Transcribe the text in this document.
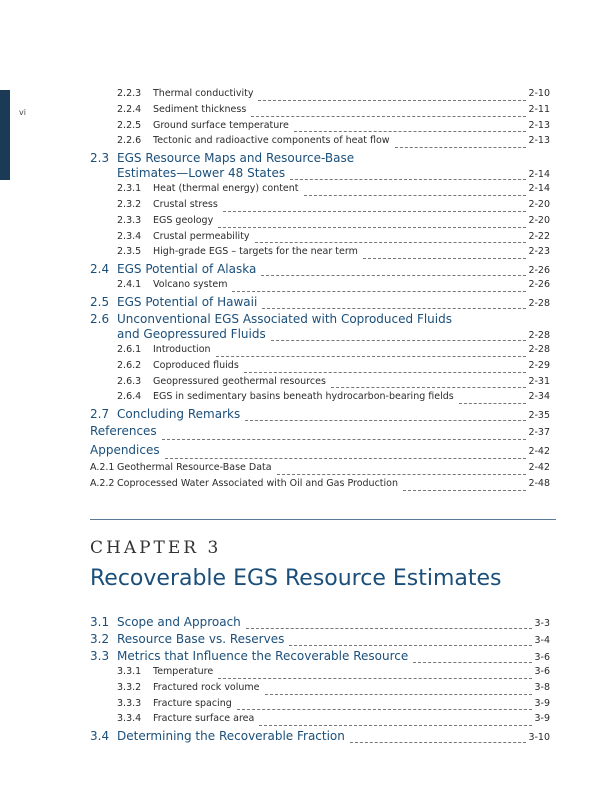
vi
2.2.3	Thermal conductivity	2-10
2.2.4	Sediment thickness	2-11
2.2.5	Ground surface temperature	2-13
2.2.6	Tectonic and radioactive components of heat flow	2-13
2.3 EGS Resource Maps and Resource-Base
Estimates—Lower 48 States	2-14
2.3.1	Heat (thermal energy) content	2-14
2.3.2	Crustal stress	2-20
2.3.3	EGS geology	2-20
2.3.4	Crustal permeability	2-22
2.3.5	High-grade EGS – targets for the near term	2-23
2.4 EGS Potential of Alaska	2-26
2.4.1	Volcano system	2-26
2.5 EGS Potential of Hawaii	2-28
2.6 Unconventional EGS Associated with Coproduced Fluids
and Geopressured Fluids	2-28
2.6.1	Introduction	2-28
2.6.2	Coproduced fluids	2-29
2.6.3	Geopressured geothermal resources	2-31
2.6.4	EGS in sedimentary basins beneath hydrocarbon-bearing fields	2-34
2.7 Concluding Remarks	2-35
References	2-37
Appendices	2-42
A.2.1 Geothermal Resource-Base Data	2-42
A.2.2 Coprocessed Water Associated with Oil and Gas Production	2-48
CHAPTER 3
Recoverable EGS Resource Estimates
3.1 Scope and Approach	3-3
3.2 Resource Base vs. Reserves	3-4
3.3 Metrics that Influence the Recoverable Resource	3-6
3.3.1	Temperature	3-6
3.3.2	Fractured rock volume	3-8
3.3.3	Fracture spacing	3-9
3.3.4	Fracture surface area	3-9
3.4 Determining the Recoverable Fraction	3-10
